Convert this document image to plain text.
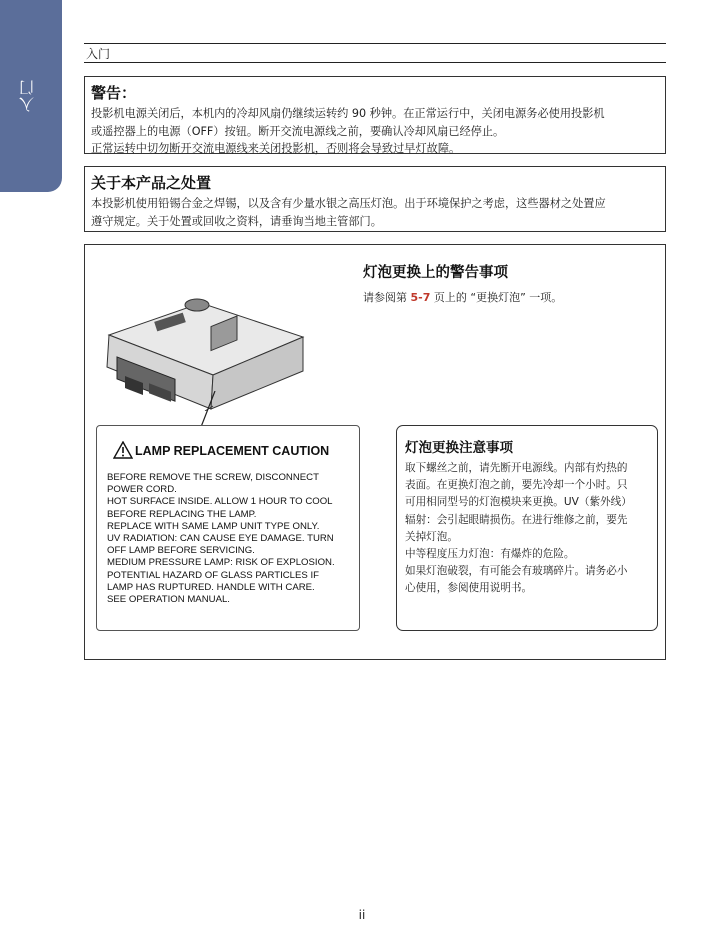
入门
入门
警告：
投影机电源关闭后，本机内的冷却风扇仍继续运转约 90 秒钟。在正常运行中，关闭电源务必使用投影机
或遥控器上的电源（OFF）按钮。断开交流电源线之前，要确认冷却风扇已经停止。
正常运转中切勿断开交流电源线来关闭投影机，否则将会导致过早灯故障。
关于本产品之处置
本投影机使用铅锡合金之焊锡，以及含有少量水银之高压灯泡。出于环境保护之考虑，这些器材之处置应
遵守规定。关于处置或回收之资料，请垂询当地主管部门。
灯泡更换上的警告事项
请参阅第 5-7 页上的 “更换灯泡” 一项。
LAMP REPLACEMENT CAUTION
BEFORE REMOVE THE SCREW, DISCONNECT
POWER CORD.
HOT SURFACE INSIDE. ALLOW 1 HOUR TO COOL
BEFORE REPLACING THE LAMP.
REPLACE WITH SAME LAMP UNIT TYPE ONLY.
UV RADIATION: CAN CAUSE EYE DAMAGE. TURN
OFF LAMP BEFORE SERVICING.
MEDIUM PRESSURE LAMP: RISK OF EXPLOSION.
POTENTIAL HAZARD OF GLASS PARTICLES IF
LAMP HAS RUPTURED. HANDLE WITH CARE.
SEE OPERATION MANUAL.
灯泡更换注意事项
取下螺丝之前，请先断开电源线。内部有灼热的
表面。在更换灯泡之前，要先冷却一个小时。只
可用相同型号的灯泡模块来更换。UV（紫外线）
辐射：会引起眼睛损伤。在进行维修之前，要先
关掉灯泡。
中等程度压力灯泡：有爆炸的危险。
如果灯泡破裂，有可能会有玻璃碎片。请务必小
心使用，参阅使用说明书。
ii
